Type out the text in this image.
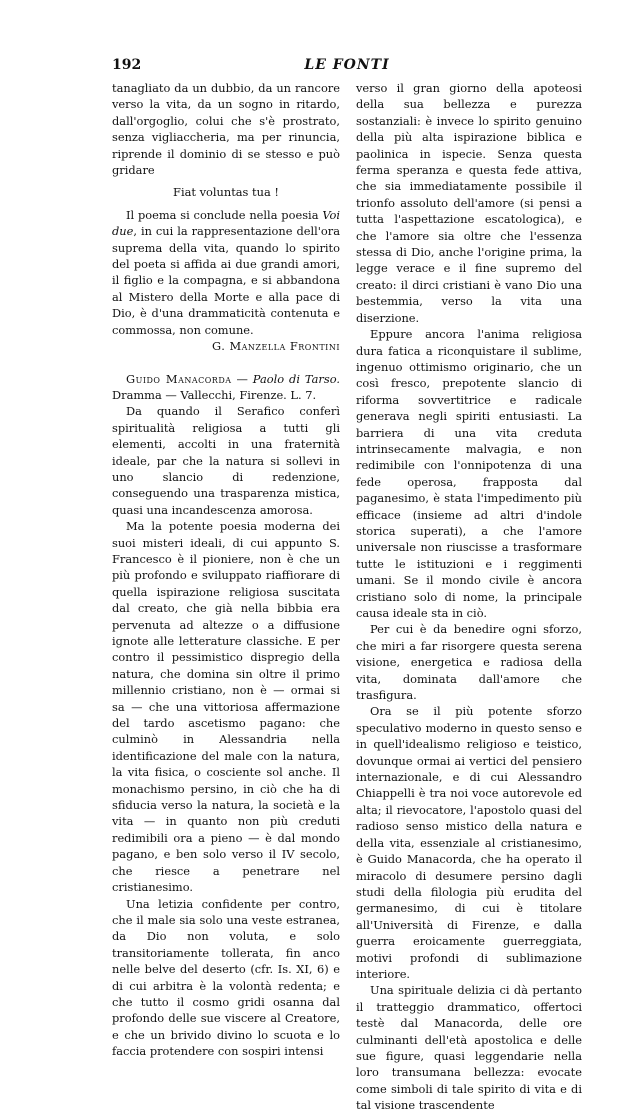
192	LE FONTI

tanagliato da un dubbio, da un rancore verso la vita, da un sogno in ritardo, dall'orgoglio, colui che s'è prostrato, senza vigliaccheria, ma per rinuncia, riprende il dominio di se stesso e può gridare

Fiat voluntas tua !

Il poema si conclude nella poesia Voi due, in cui la rappresentazione dell'ora suprema della vita, quando lo spirito del poeta si affida ai due grandi amori, il figlio e la compagna, e si abbandona al Mistero della Morte e alla pace di Dio, è d'una drammaticità contenuta e commossa, non comune.

G. Manzella Frontini

Guido Manacorda — Paolo di Tarso. Dramma — Vallecchi, Firenze. L. 7.

Da quando il Serafico conferì spiritualità religiosa a tutti gli elementi, accolti in una fraternità ideale, par che la natura si sollevi in uno slancio di redenzione, conseguendo una trasparenza mistica, quasi una incandescenza amorosa.

Ma la potente poesia moderna dei suoi misteri ideali, di cui appunto S. Francesco è il pioniere, non è che un più profondo e sviluppato riaffiorare di quella ispirazione religiosa suscitata dal creato, che già nella bibbia era pervenuta ad altezze o a diffusione ignote alle letterature classiche. E per contro il pessimistico dispregio della natura, che domina sin oltre il primo millennio cristiano, non è — ormai si sa — che una vittoriosa affermazione del tardo ascetismo pagano: che culminò in Alessandria nella identificazione del male con la natura, la vita fisica, o cosciente sol anche. Il monachismo persino, in ciò che ha di sfiducia verso la natura, la società e la vita — in quanto non più creduti redimibili ora a pieno — è dal mondo pagano, e ben solo verso il IV secolo, che riesce a penetrare nel cristianesimo.

Una letizia confidente per contro, che il male sia solo una veste estranea, da Dio non voluta, e solo transitoriamente tollerata, fin anco nelle belve del deserto (cfr. Is. XI, 6) e di cui arbitra è la volontà redenta; e che tutto il cosmo gridi osanna dal profondo delle sue viscere al Creatore, e che un brivido divino lo scuota e lo faccia protendere con sospiri intensi

verso il gran giorno della apoteosi della sua bellezza e purezza sostanziali: è invece lo spirito genuino della più alta ispirazione biblica e paolinica in ispecie. Senza questa ferma speranza e questa fede attiva, che sia immediatamente possibile il trionfo assoluto dell'amore (si pensi a tutta l'aspettazione escatologica), e che l'amore sia oltre che l'essenza stessa di Dio, anche l'origine prima, la legge verace e il fine supremo del creato: il dirci cristiani è vano Dio una bestemmia, verso la vita una diserzione.

Eppure ancora l'anima religiosa dura fatica a riconquistare il sublime, ingenuo ottimismo originario, che un così fresco, prepotente slancio di riforma sovvertitrice e radicale generava negli spiriti entusiasti. La barriera di una vita creduta intrinsecamente malvagia, e non redimibile con l'onnipotenza di una fede operosa, frapposta dal paganesimo, è stata l'impedimento più efficace (insieme ad altri d'indole storica superati), a che l'amore universale non riuscisse a trasformare tutte le istituzioni e i reggimenti umani. Se il mondo civile è ancora cristiano solo di nome, la principale causa ideale sta in ciò.

Per cui è da benedire ogni sforzo, che miri a far risorgere questa serena visione, energetica e radiosa della vita, dominata dall'amore che trasfigura.

Ora se il più potente sforzo speculativo moderno in questo senso e in quell'idealismo religioso e teistico, dovunque ormai ai vertici del pensiero internazionale, e di cui Alessandro Chiappelli è tra noi voce autorevole ed alta; il rievocatore, l'apostolo quasi del radioso senso mistico della natura e della vita, essenziale al cristianesimo, è Guido Manacorda, che ha operato il miracolo di desumere persino dagli studi della filologia più erudita del germanesimo, di cui è titolare all'Università di Firenze, e dalla guerra eroicamente guerreggiata, motivi profondi di sublimazione interiore.

Una spirituale delizia ci dà pertanto il tratteggio drammatico, offertoci testè dal Manacorda, delle ore culminanti dell'età apostolica e delle sue figure, quasi leggendarie nella loro transumana bellezza: evocate come simboli di tale spirito di vita e di tal visione trascendente
